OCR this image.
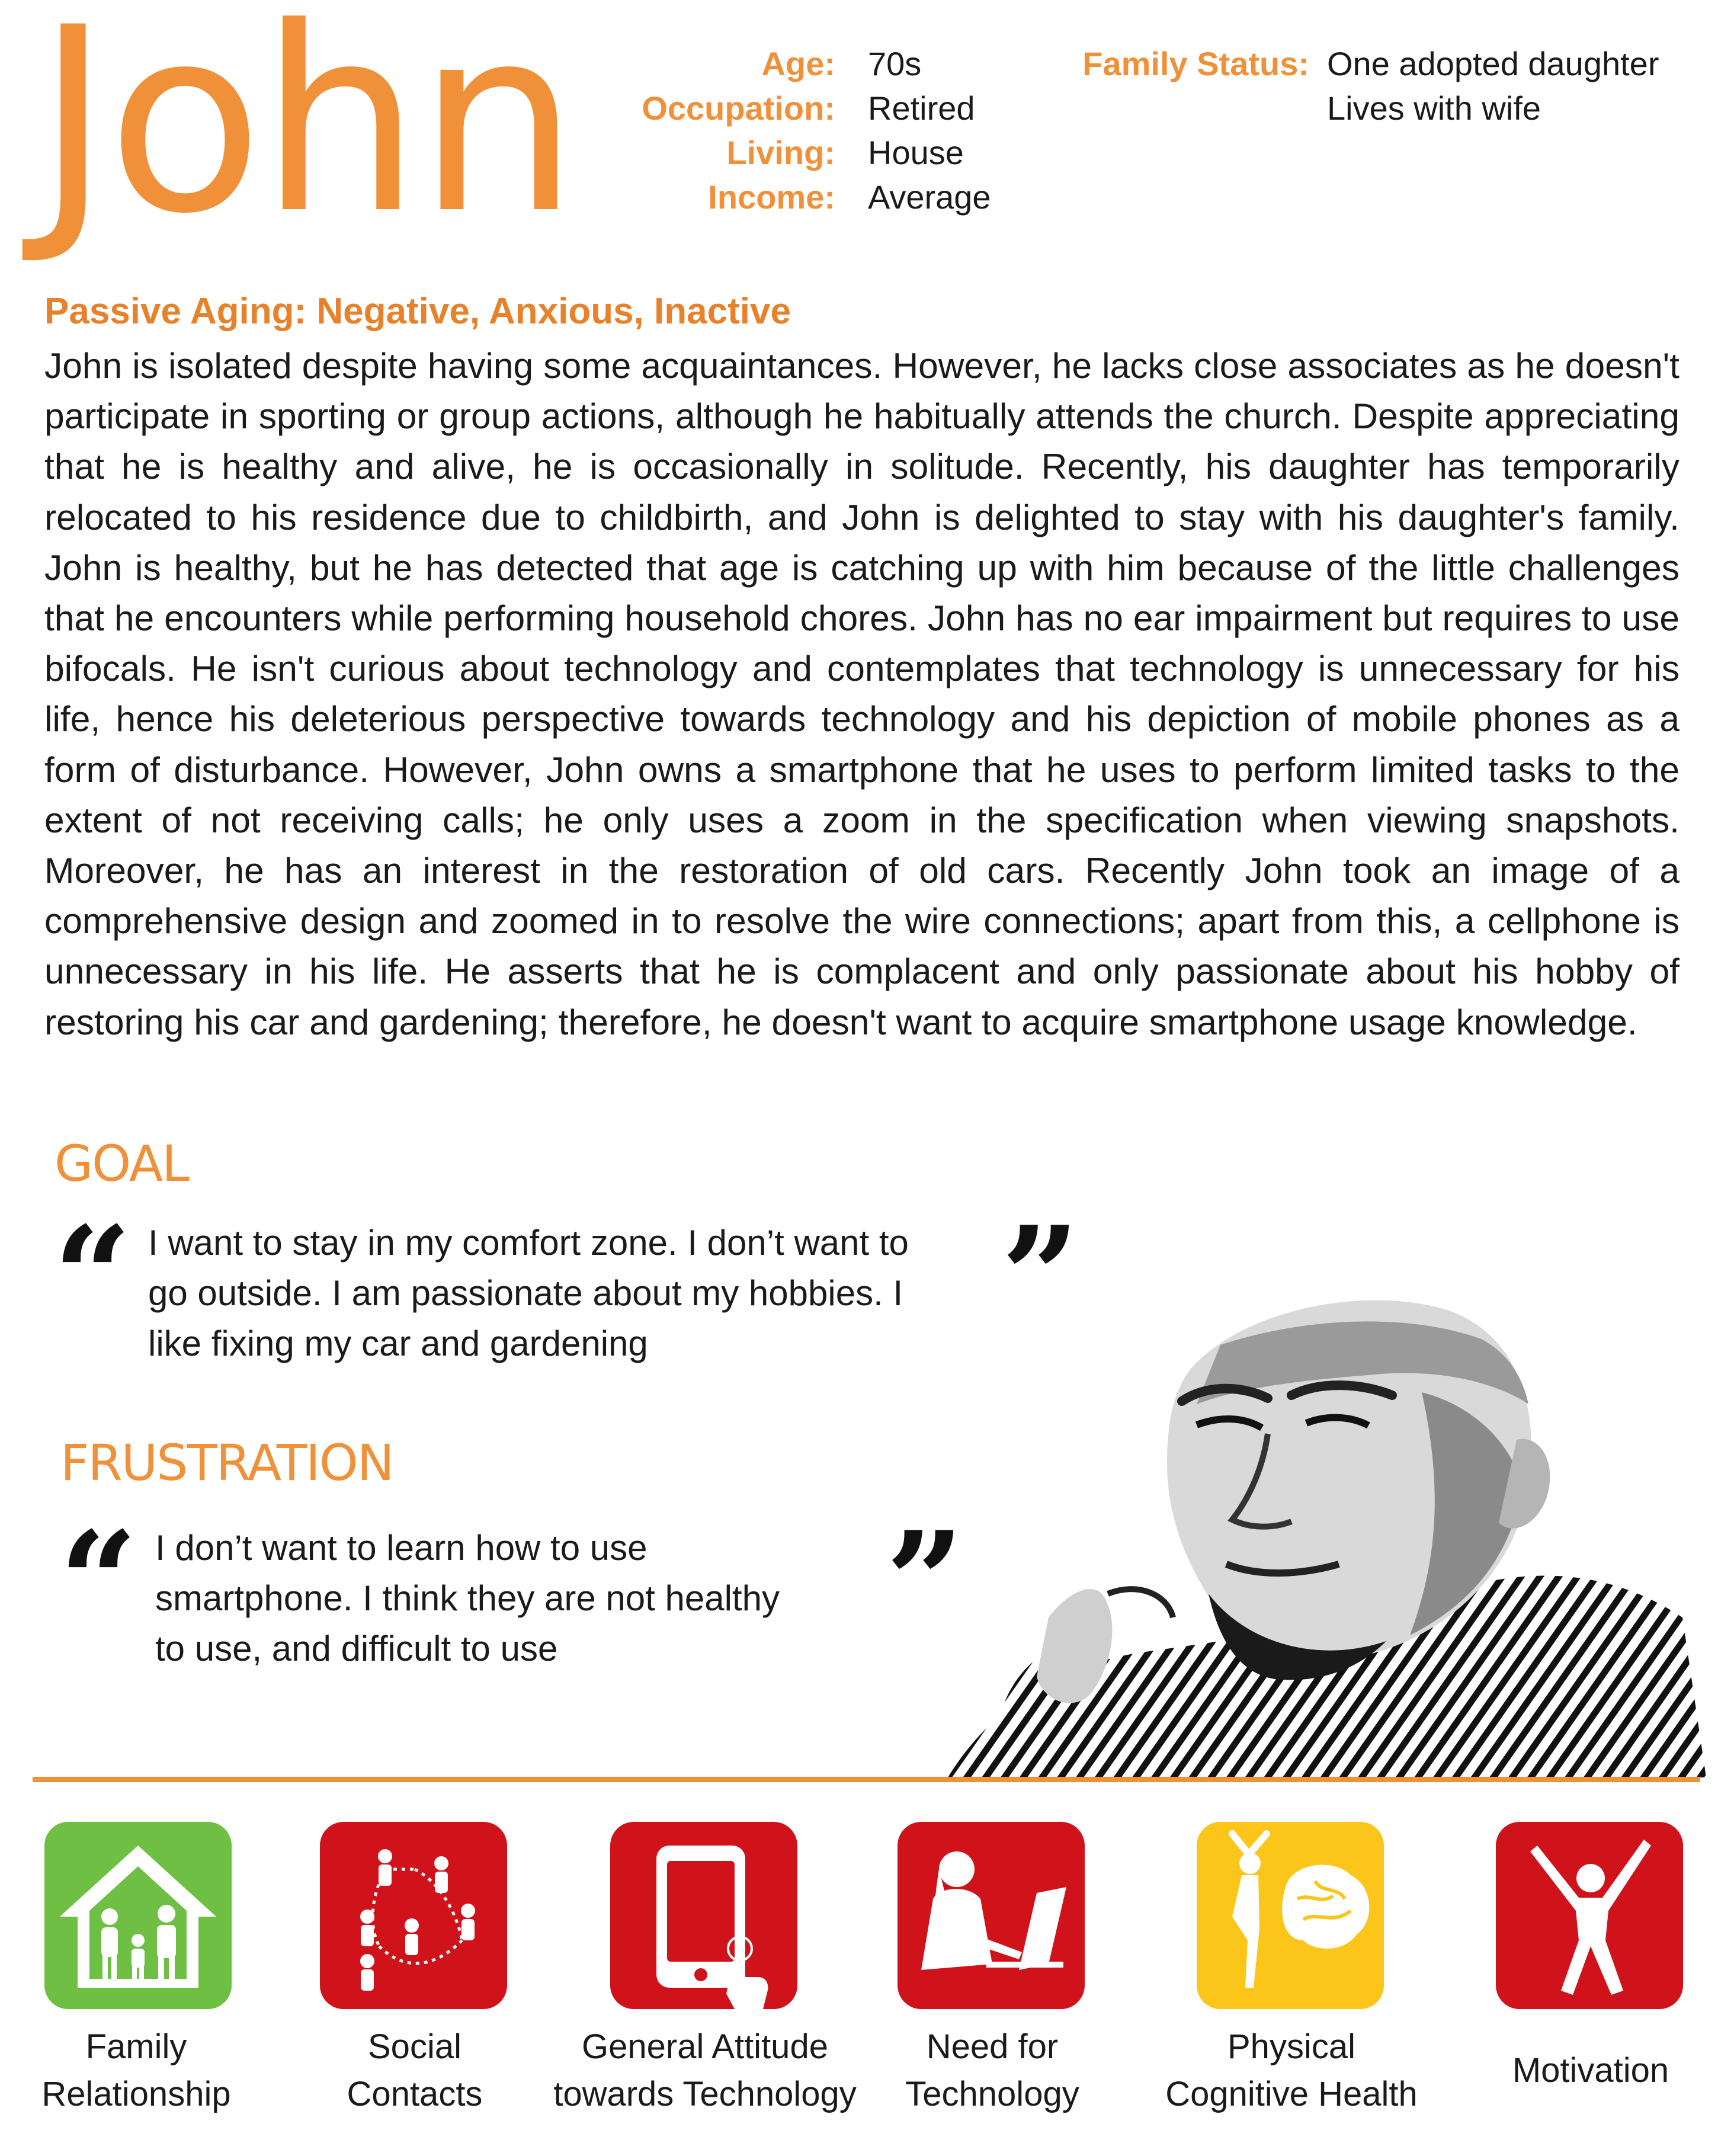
John	Age: 70s
Occupation: Retired
Living: House
Income: Average
Family Status: One adopted daughter
Lives with wife
Passive Aging: Negative, Anxious, Inactive
John is isolated despite having some acquaintances. However, he lacks close associates as he doesn't participate in sporting or group actions, although he habitually attends the church. Despite appreciating that he is healthy and alive, he is occasionally in solitude. Recently, his daughter has temporarily relocated to his residence due to childbirth, and John is delighted to stay with his daughter's family. John is healthy, but he has detected that age is catching up with him because of the little challenges that he encounters while performing household chores. John has no ear impairment but requires to use bifocals. He isn't curious about technology and contemplates that technology is unnecessary for his life, hence his deleterious perspective towards technology and his depiction of mobile phones as a form of disturbance. However, John owns a smartphone that he uses to perform limited tasks to the extent of not receiving calls; he only uses a zoom in the specification when viewing snapshots. Moreover, he has an interest in the restoration of old cars. Recently John took an image of a comprehensive design and zoomed in to resolve the wire connections; apart from this, a cellphone is unnecessary in his life. He asserts that he is complacent and only passionate about his hobby of restoring his car and gardening; therefore, he doesn't want to acquire smartphone usage knowledge.
GOAL
“ I want to stay in my comfort zone. I don’t want to
go outside. I am passionate about my hobbies. I
like fixing my car and gardening	”
FRUSTRATION
“ I don’t want to learn how to use
smartphone. I think they are not healthy
to use, and difficult to use	”
Family
Relationship
Social
Contacts
General Attitude
towards Technology
Need for
Technology
Physical
Cognitive Health
Motivation
